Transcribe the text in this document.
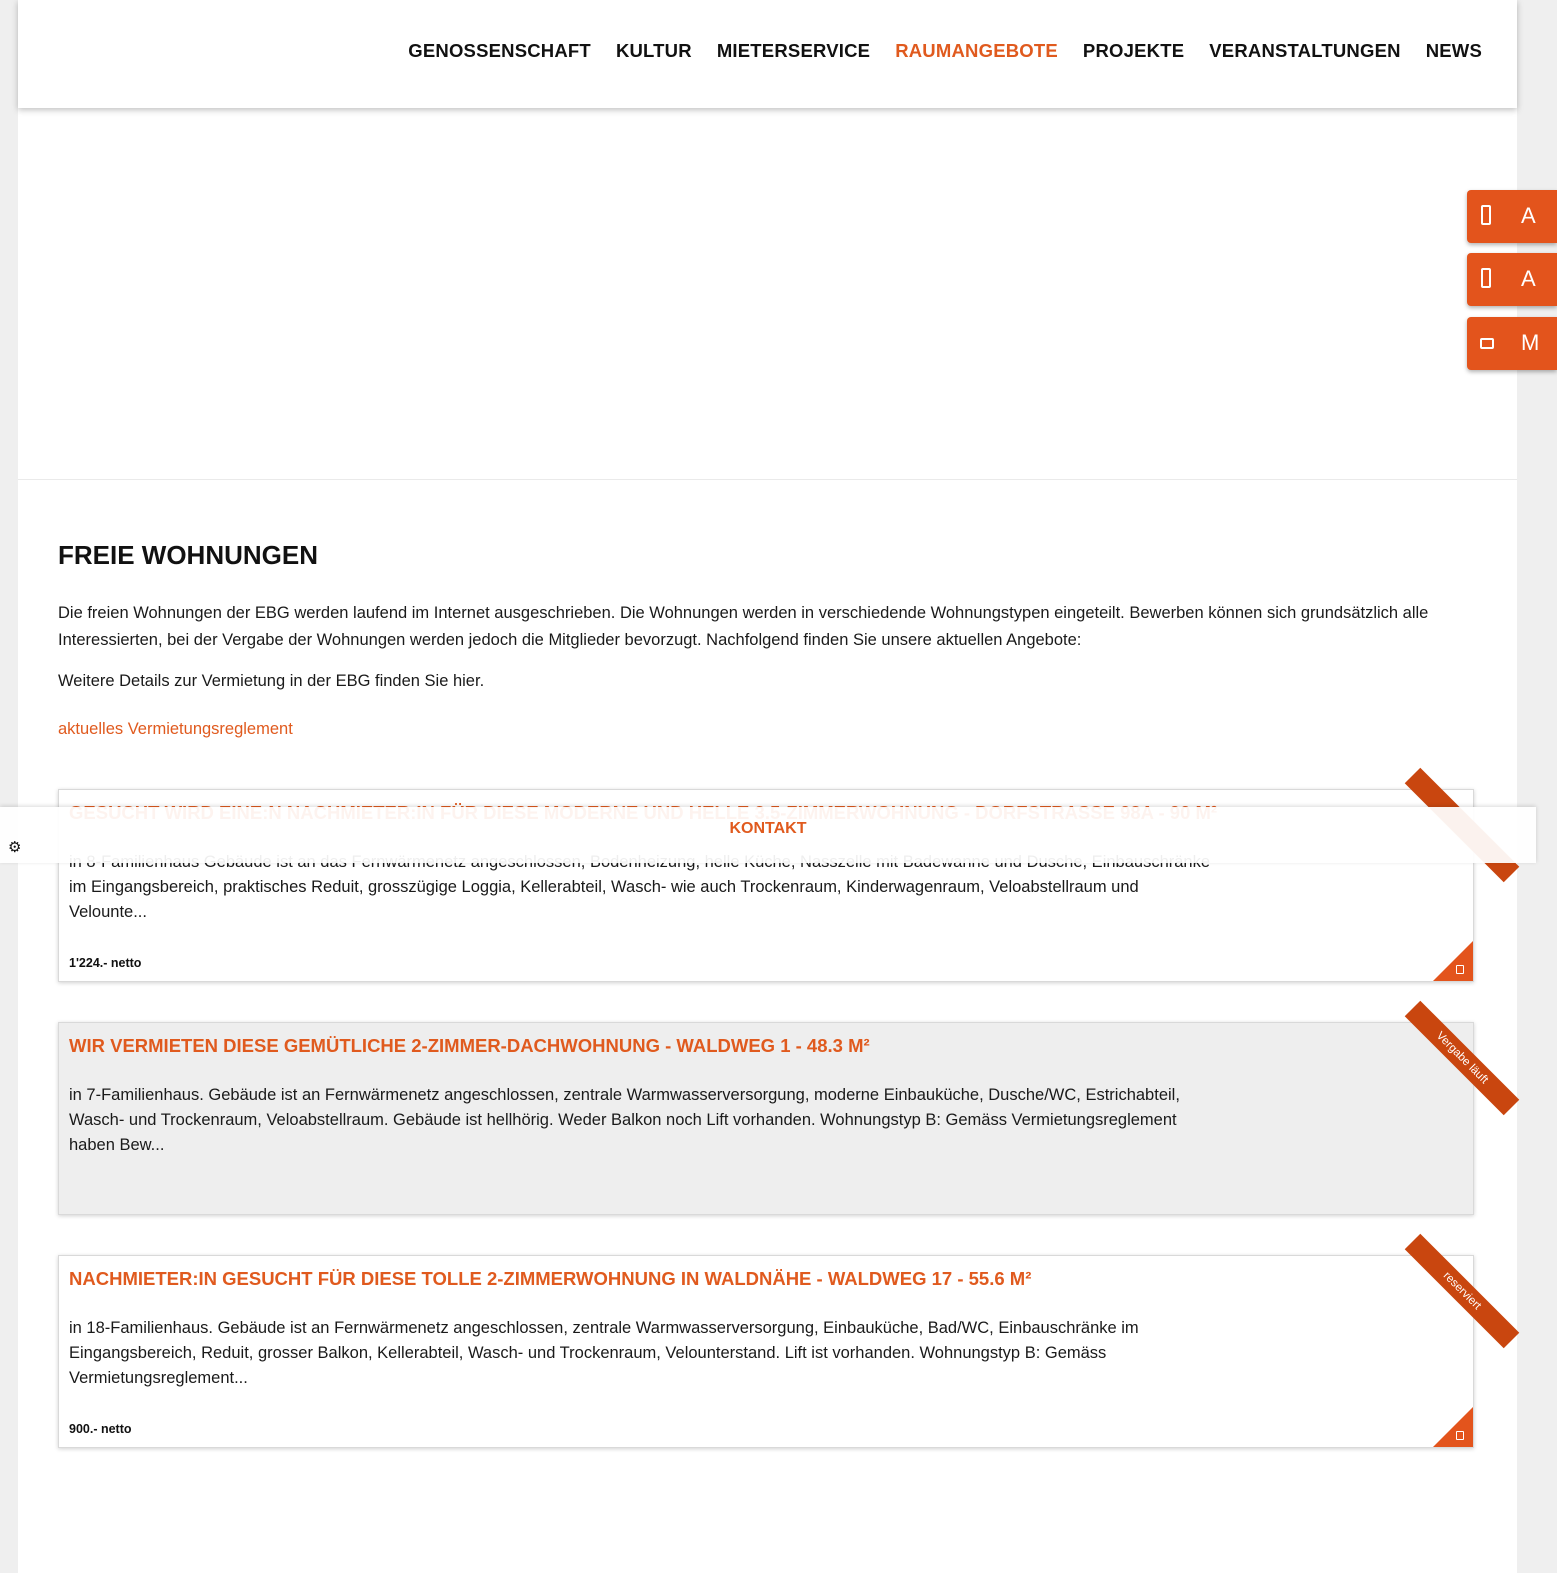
GENOSSENSCHAFT KULTUR MIETERSERVICE RAUMANGEBOTE PROJEKTE VERANSTALTUNGEN NEWS
A
A
M
FREIE WOHNUNGEN

Die freien Wohnungen der EBG werden laufend im Internet ausgeschrieben. Die Wohnungen werden in verschiedende Wohnungstypen eingeteilt. Bewerben können sich grundsätzlich alle Interessierten, bei der Vergabe der Wohnungen werden jedoch die Mitglieder bevorzugt. Nachfolgend finden Sie unsere aktuellen Angebote:

Weitere Details zur Vermietung in der EBG finden Sie hier.

aktuelles Vermietungsreglement
im Eingangsbereich, praktisches Reduit, grosszügige Loggia, Kellerabteil, Wasch- wie auch Trockenraum, Kinderwagenraum, Veloabstellraum und Velounte...
1'224.- netto
WIR VERMIETEN DIESE GEMÜTLICHE 2-ZIMMER-DACHWOHNUNG - WALDWEG 1 - 48.3 M²
in 7-Familienhaus. Gebäude ist an Fernwärmenetz angeschlossen, zentrale Warmwasserversorgung, moderne Einbauküche, Dusche/WC, Estrichabteil, Wasch- und Trockenraum, Veloabstellraum. Gebäude ist hellhörig. Weder Balkon noch Lift vorhanden. Wohnungstyp B: Gemäss Vermietungsreglement haben Bew...
Vergabe läuft
NACHMIETER:IN GESUCHT FÜR DIESE TOLLE 2-ZIMMERWOHNUNG IN WALDNÄHE - WALDWEG 17 - 55.6 M²
in 18-Familienhaus. Gebäude ist an Fernwärmenetz angeschlossen, zentrale Warmwasserversorgung, Einbauküche, Bad/WC, Einbauschränke im Eingangsbereich, Reduit, grosser Balkon, Kellerabteil, Wasch- und Trockenraum, Velounterstand. Lift ist vorhanden. Wohnungstyp B: Gemäss Vermietungsreglement...
900.- netto
reserviert
KONTAKT
⚙
